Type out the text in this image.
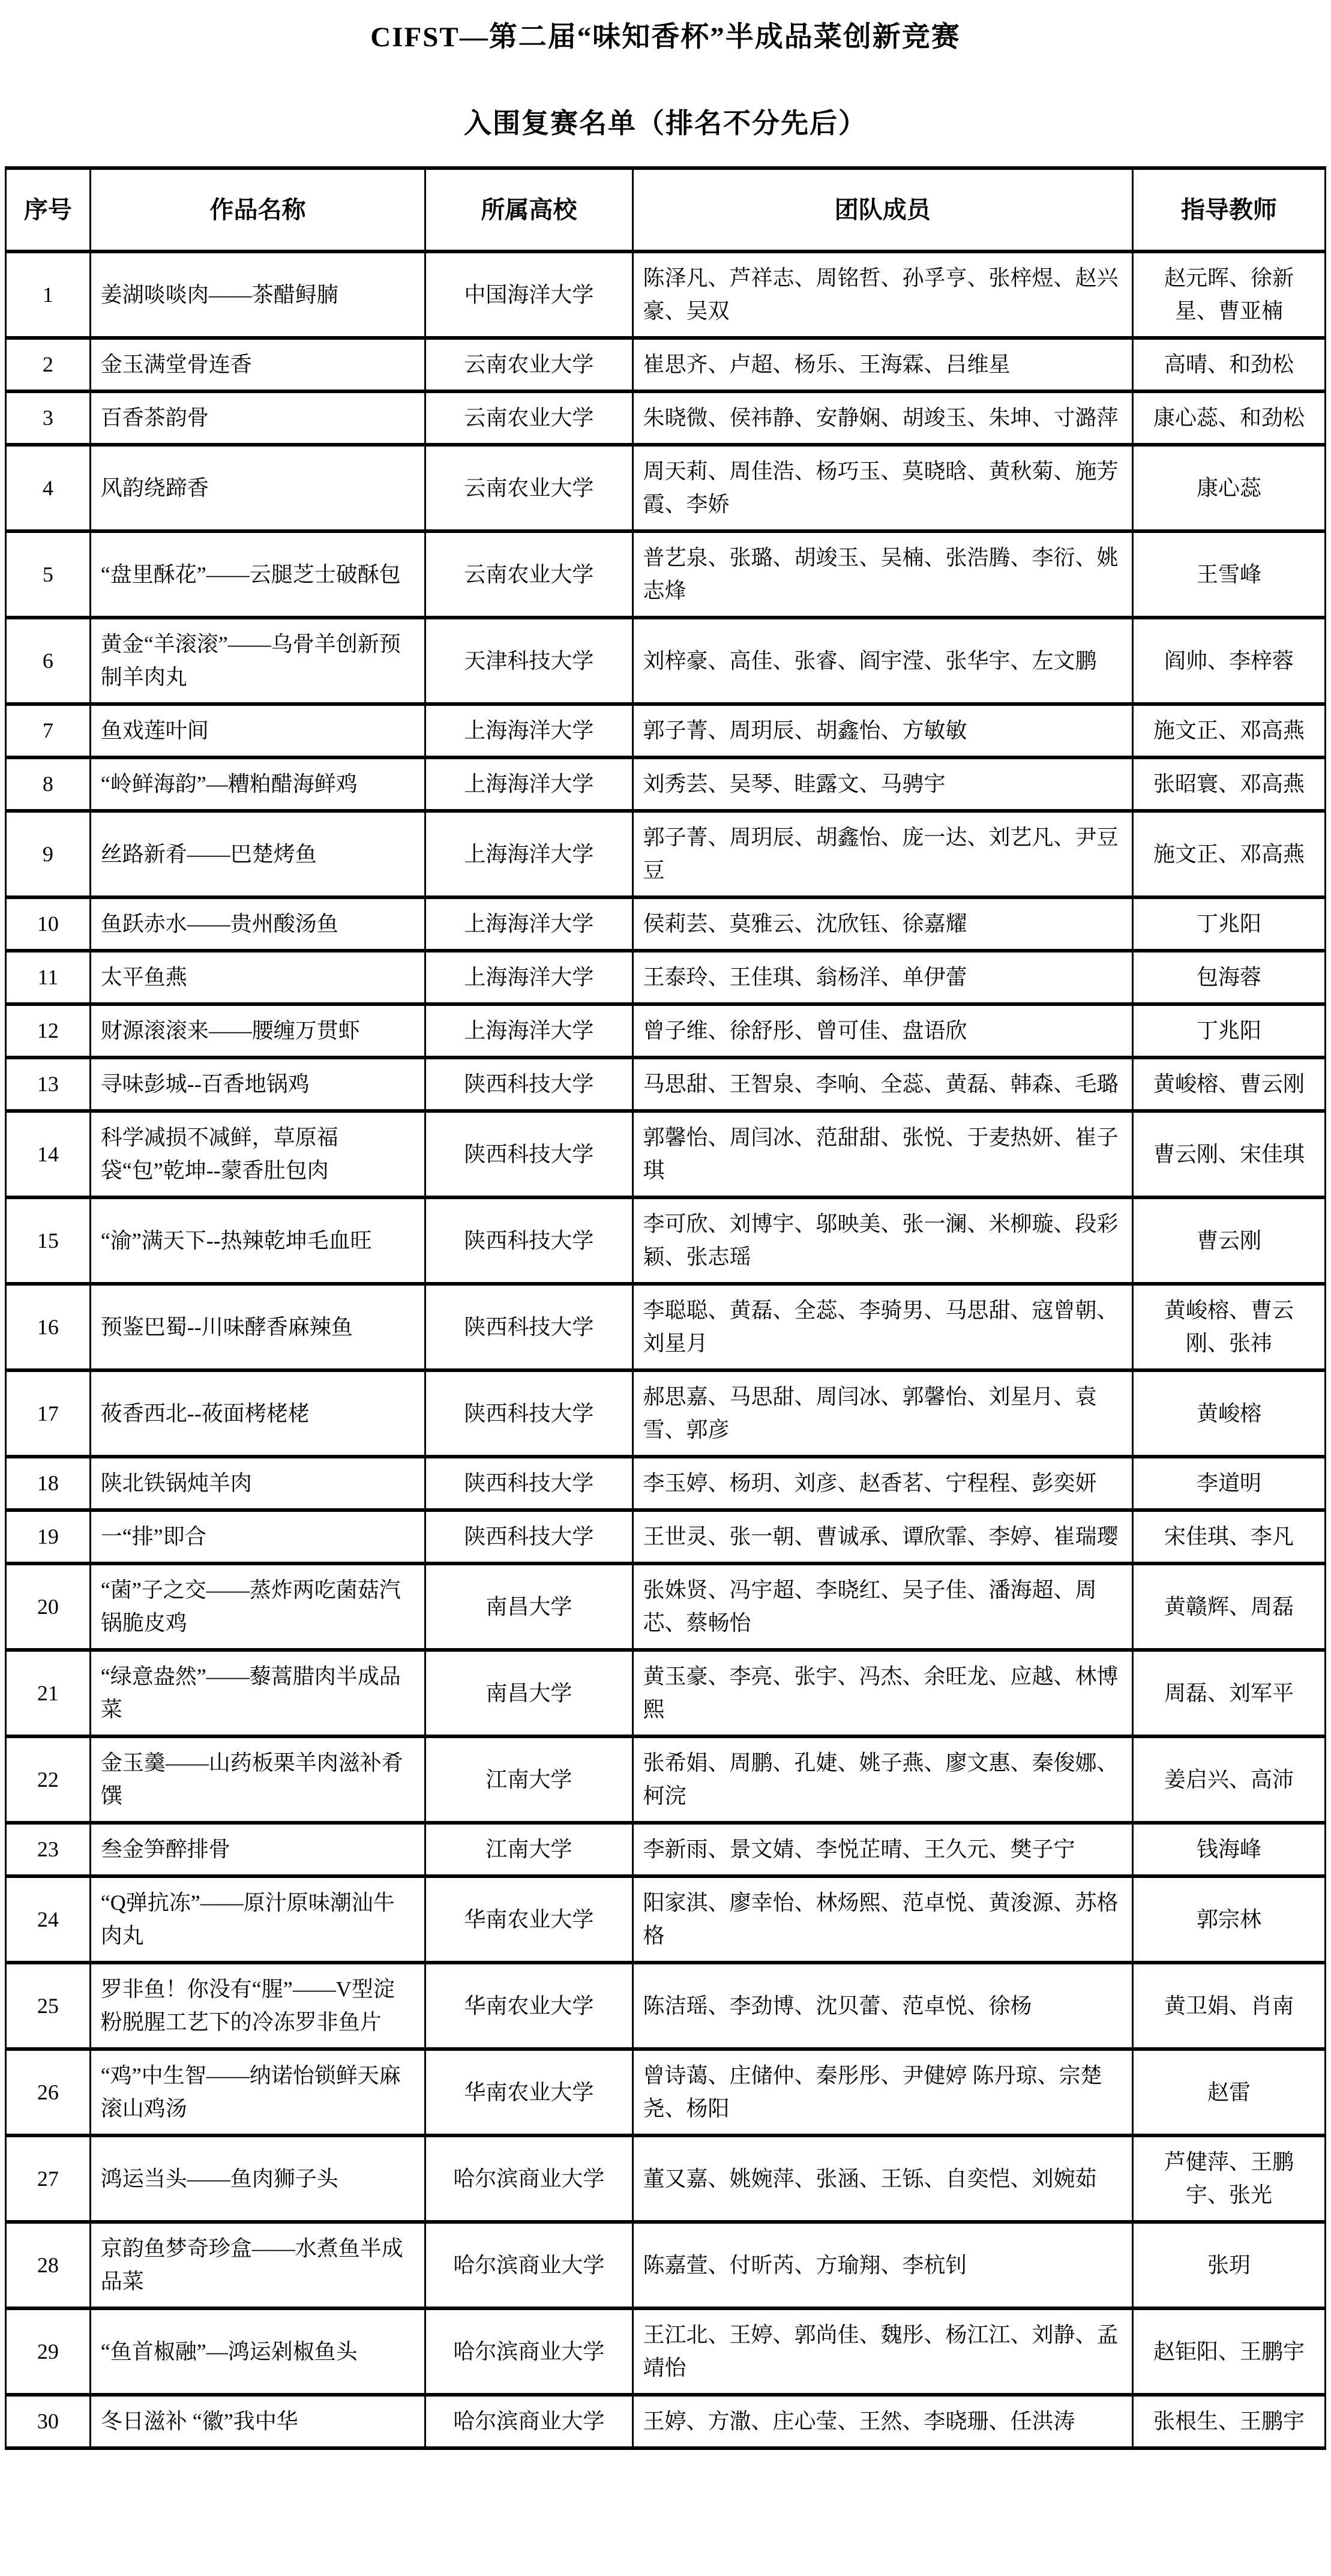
CIFST—第二届“味知香杯”半成品菜创新竞赛
入围复赛名单（排名不分先后）
序号	作品名称	所属高校	团队成员	指导教师
1	姜湖啖啖肉——茶醋鲟腩	中国海洋大学	陈泽凡、芦祥志、周铭哲、孙孚亨、张梓煜、赵兴豪、吴双	赵元晖、徐新星、曹亚楠
2	金玉满堂骨连香	云南农业大学	崔思齐、卢超、杨乐、王海霖、吕维星	高晴、和劲松
3	百香茶韵骨	云南农业大学	朱晓微、侯祎静、安静娴、胡竣玉、朱坤、寸潞萍	康心蕊、和劲松
4	风韵绕蹄香	云南农业大学	周天莉、周佳浩、杨巧玉、莫晓晗、黄秋菊、施芳霞、李娇	康心蕊
5	“盘里酥花”——云腿芝士破酥包	云南农业大学	普艺泉、张璐、胡竣玉、吴楠、张浩腾、李衍、姚志烽	王雪峰
6	黄金“羊滚滚”——乌骨羊创新预制羊肉丸	天津科技大学	刘梓豪、高佳、张睿、阎宇滢、张华宇、左文鹏	阎帅、李梓蓉
7	鱼戏莲叶间	上海海洋大学	郭子菁、周玥辰、胡鑫怡、方敏敏	施文正、邓高燕
8	“岭鲜海韵”—糟粕醋海鲜鸡	上海海洋大学	刘秀芸、吴琴、眭露文、马骋宇	张昭寰、邓高燕
9	丝路新肴——巴楚烤鱼	上海海洋大学	郭子菁、周玥辰、胡鑫怡、庞一达、刘艺凡、尹豆豆	施文正、邓高燕
10	鱼跃赤水——贵州酸汤鱼	上海海洋大学	侯莉芸、莫雅云、沈欣钰、徐嘉耀	丁兆阳
11	太平鱼燕	上海海洋大学	王泰玲、王佳琪、翁杨洋、单伊蕾	包海蓉
12	财源滚滚来——腰缠万贯虾	上海海洋大学	曾子维、徐舒彤、曾可佳、盘语欣	丁兆阳
13	寻味彭城--百香地锅鸡	陕西科技大学	马思甜、王智泉、李响、全蕊、黄磊、韩森、毛璐	黄峻榕、曹云刚
14	科学减损不减鲜，草原福袋“包”乾坤--蒙香肚包肉	陕西科技大学	郭馨怡、周闫冰、范甜甜、张悦、于麦热妍、崔子琪	曹云刚、宋佳琪
15	“渝”满天下--热辣乾坤毛血旺	陕西科技大学	李可欣、刘博宇、邬映美、张一澜、米柳璇、段彩颖、张志瑶	曹云刚
16	预鉴巴蜀--川味酵香麻辣鱼	陕西科技大学	李聪聪、黄磊、全蕊、李骑男、马思甜、寇曾朝、刘星月	黄峻榕、曹云刚、张祎
17	莜香西北--莜面栲栳栳	陕西科技大学	郝思嘉、马思甜、周闫冰、郭馨怡、刘星月、袁雪、郭彦	黄峻榕
18	陕北铁锅炖羊肉	陕西科技大学	李玉婷、杨玥、刘彦、赵香茗、宁程程、彭奕妍	李道明
19	一“排”即合	陕西科技大学	王世灵、张一朝、曹诚承、谭欣霏、李婷、崔瑞璎	宋佳琪、李凡
20	“菌”子之交——蒸炸两吃菌菇汽锅脆皮鸡	南昌大学	张姝贤、冯宇超、李晓红、吴子佳、潘海超、周芯、蔡畅怡	黄赣辉、周磊
21	“绿意盎然”——藜蒿腊肉半成品菜	南昌大学	黄玉豪、李亮、张宇、冯杰、余旺龙、应越、林博熙	周磊、刘军平
22	金玉羹——山药板栗羊肉滋补肴馔	江南大学	张希娟、周鹏、孔婕、姚子燕、廖文惠、秦俊娜、柯浣	姜启兴、高沛
23	叁金笋醉排骨	江南大学	李新雨、景文婧、李悦芷晴、王久元、樊子宁	钱海峰
24	“Q弹抗冻”——原汁原味潮汕牛肉丸	华南农业大学	阳家淇、廖幸怡、林炀熙、范卓悦、黄浚源、苏格格	郭宗林
25	罗非鱼！你没有“腥”——V型淀粉脱腥工艺下的冷冻罗非鱼片	华南农业大学	陈洁瑶、李劲博、沈贝蕾、范卓悦、徐杨	黄卫娟、肖南
26	“鸡”中生智——纳诺怡锁鲜天麻滚山鸡汤	华南农业大学	曾诗蔼、庄储仲、秦彤彤、尹健婷 陈丹琼、宗楚尧、杨阳	赵雷
27	鸿运当头——鱼肉狮子头	哈尔滨商业大学	董又嘉、姚婉萍、张涵、王铄、自奕恺、刘婉茹	芦健萍、王鹏宇、张光
28	京韵鱼梦奇珍盒——水煮鱼半成品菜	哈尔滨商业大学	陈嘉萱、付昕芮、方瑜翔、李杭钊	张玥
29	“鱼首椒融”—鸿运剁椒鱼头	哈尔滨商业大学	王江北、王婷、郭尚佳、魏彤、杨江江、刘静、孟靖怡	赵钜阳、王鹏宇
30	冬日滋补 “徽”我中华	哈尔滨商业大学	王婷、方潵、庄心莹、王然、李晓珊、任洪涛	张根生、王鹏宇
